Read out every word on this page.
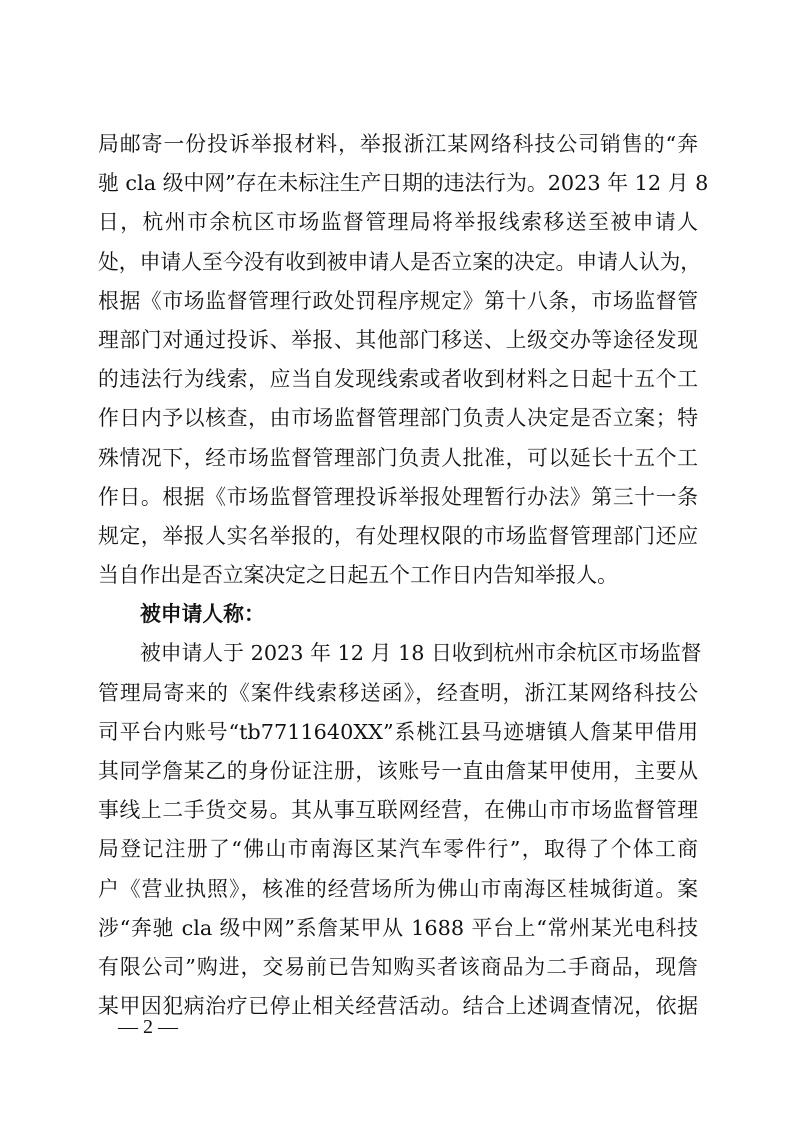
局邮寄一份投诉举报材料，举报浙江某网络科技公司销售的“奔
驰 cla 级中网”存在未标注生产日期的违法行为。2023 年 12 月 8
日，杭州市余杭区市场监督管理局将举报线索移送至被申请人
处，申请人至今没有收到被申请人是否立案的决定。申请人认为，
根据《市场监督管理行政处罚程序规定》第十八条，市场监督管
理部门对通过投诉、举报、其他部门移送、上级交办等途径发现
的违法行为线索，应当自发现线索或者收到材料之日起十五个工
作日内予以核查，由市场监督管理部门负责人决定是否立案；特
殊情况下，经市场监督管理部门负责人批准，可以延长十五个工
作日。根据《市场监督管理投诉举报处理暂行办法》第三十一条
规定，举报人实名举报的，有处理权限的市场监督管理部门还应
当自作出是否立案决定之日起五个工作日内告知举报人。
被申请人称：
被申请人于 2023 年 12 月 18 日收到杭州市余杭区市场监督
管理局寄来的《案件线索移送函》，经查明，浙江某网络科技公
司平台内账号“tb7711640XX”系桃江县马迹塘镇人詹某甲借用
其同学詹某乙的身份证注册，该账号一直由詹某甲使用，主要从
事线上二手货交易。其从事互联网经营，在佛山市市场监督管理
局登记注册了“佛山市南海区某汽车零件行”，取得了个体工商
户《营业执照》，核准的经营场所为佛山市南海区桂城街道。案
涉“奔驰 cla 级中网”系詹某甲从 1688 平台上“常州某光电科技
有限公司”购进，交易前已告知购买者该商品为二手商品，现詹
某甲因犯病治疗已停止相关经营活动。结合上述调查情况，依据
— 2 —
